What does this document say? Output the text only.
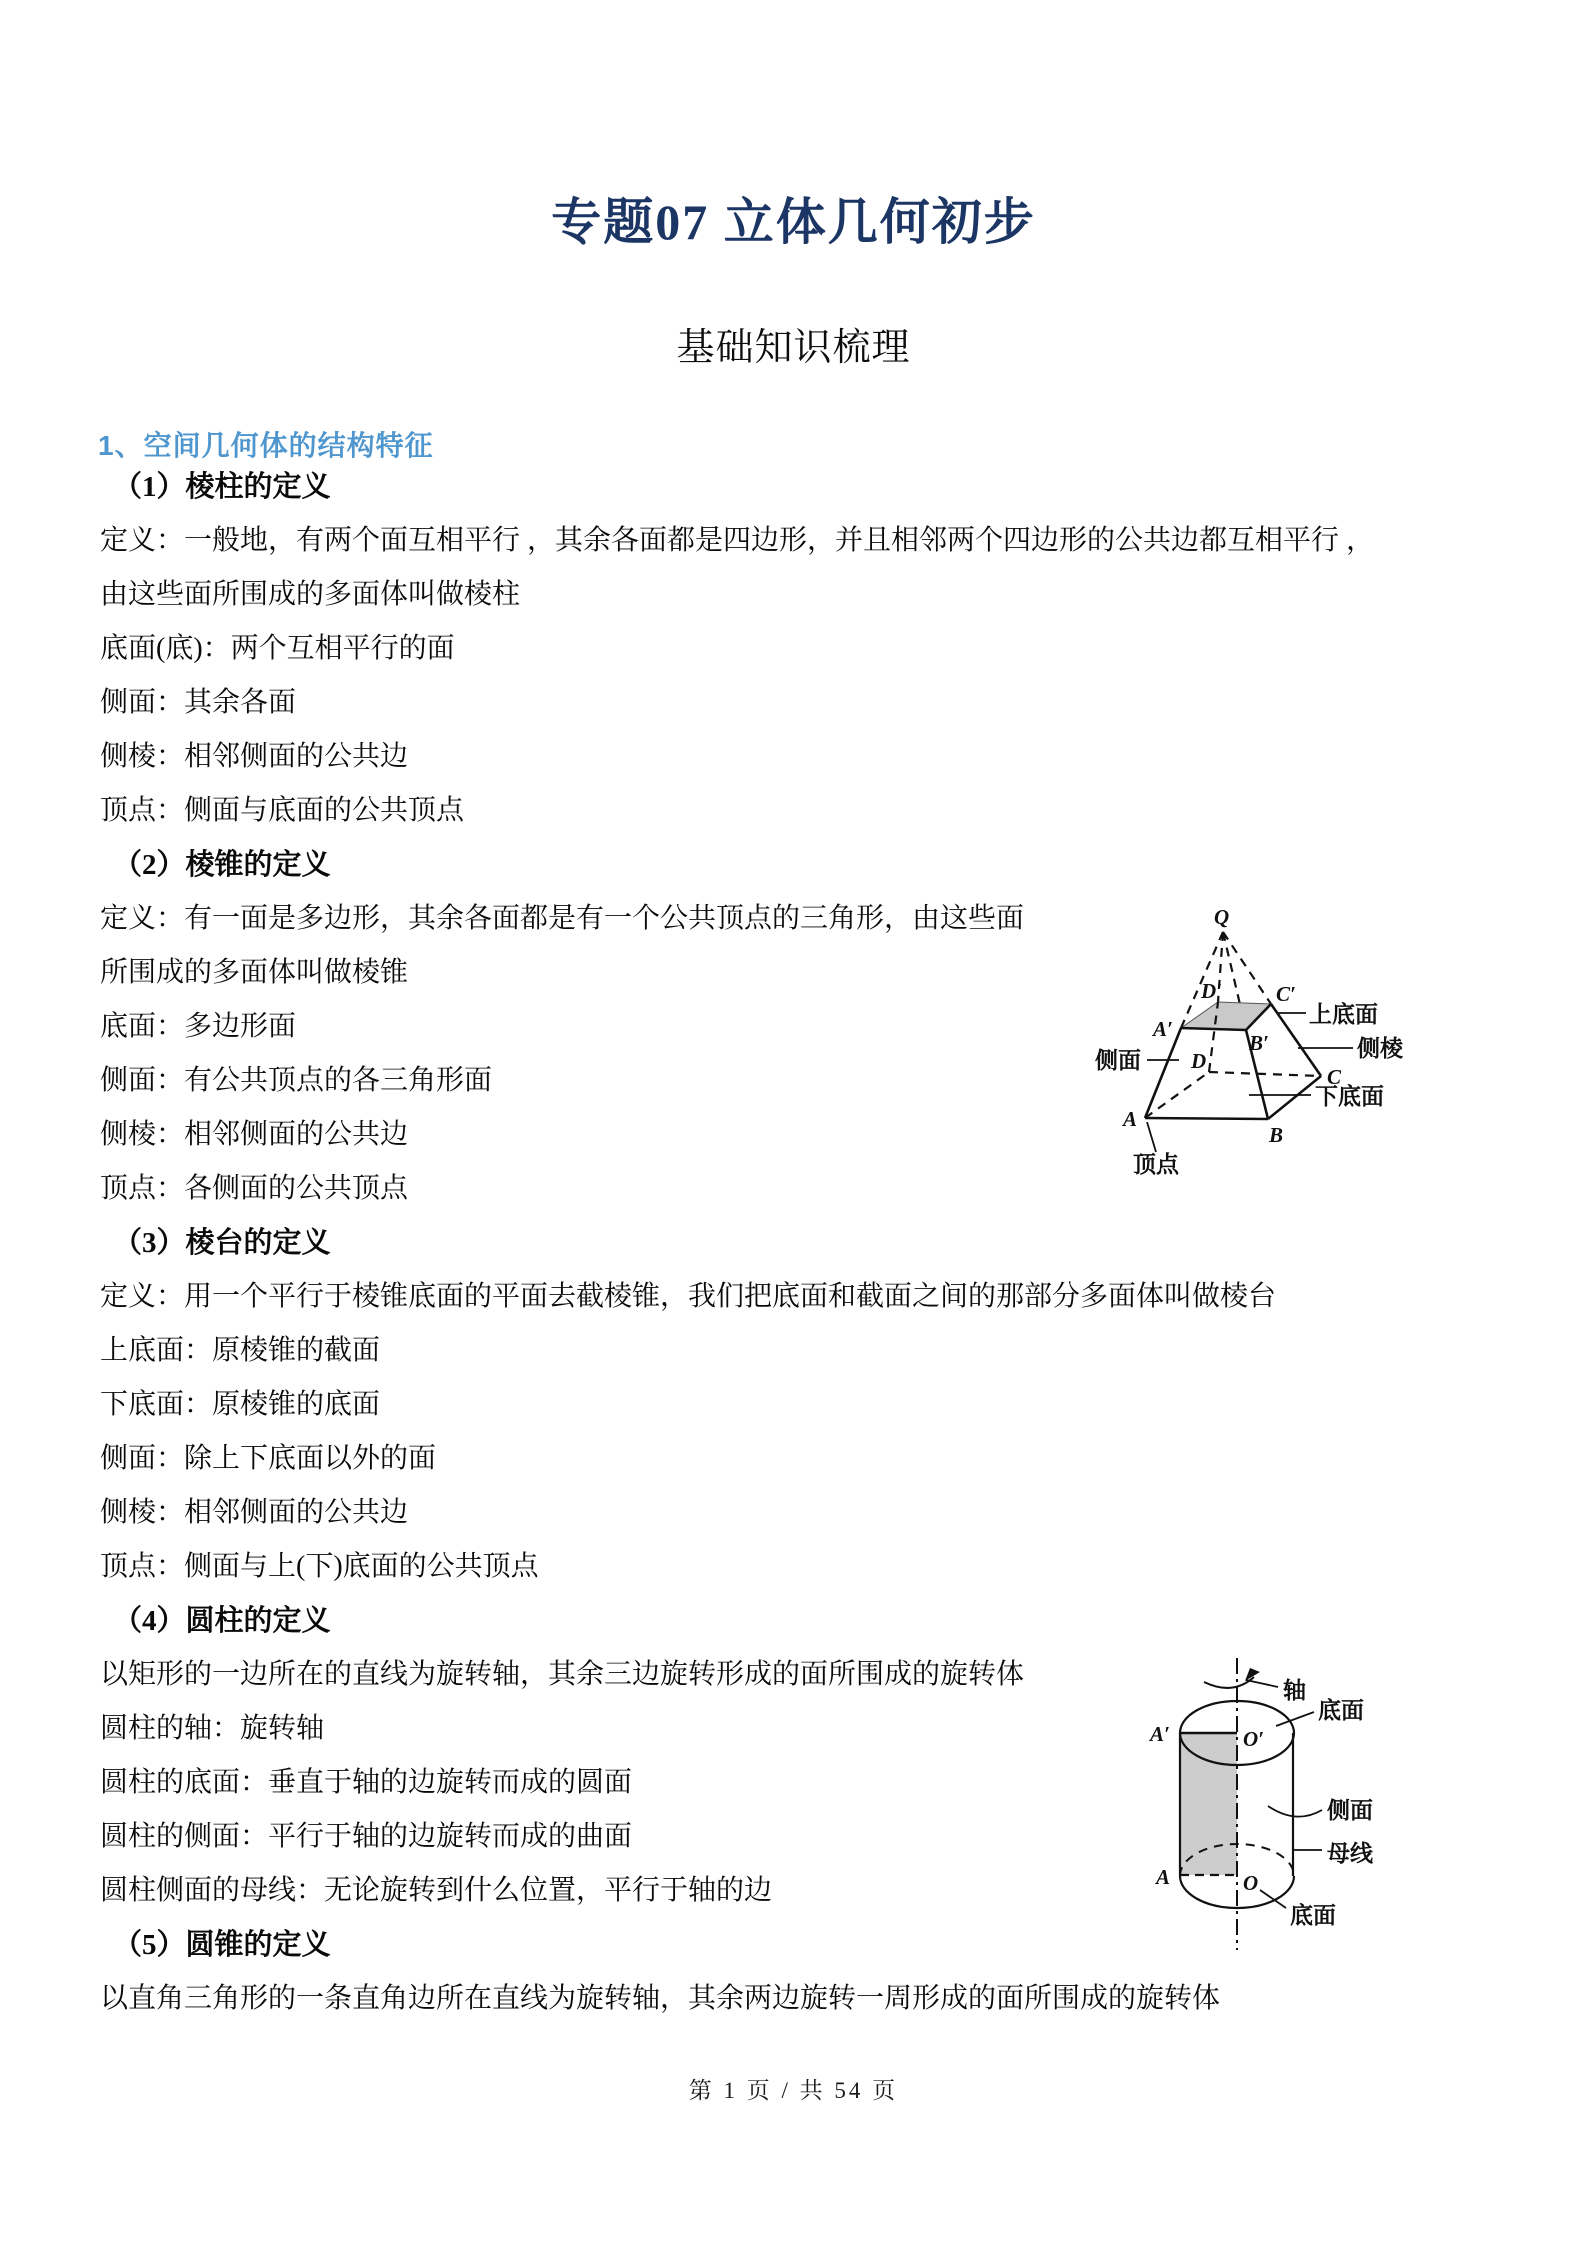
专题07 立体几何初步
基础知识梳理
1、空间几何体的结构特征
（1）棱柱的定义
定义：一般地，有两个面互相平行 ，其余各面都是四边形，并且相邻两个四边形的公共边都互相平行 ，
由这些面所围成的多面体叫做棱柱
底面(底)：两个互相平行的面
侧面：其余各面
侧棱：相邻侧面的公共边
顶点：侧面与底面的公共顶点
（2）棱锥的定义
定义：有一面是多边形，其余各面都是有一个公共顶点的三角形，由这些面
所围成的多面体叫做棱锥
底面：多边形面
侧面：有公共顶点的各三角形面
侧棱：相邻侧面的公共边
顶点：各侧面的公共顶点
（3）棱台的定义
定义：用一个平行于棱锥底面的平面去截棱锥，我们把底面和截面之间的那部分多面体叫做棱台
上底面：原棱锥的截面
下底面：原棱锥的底面
侧面：除上下底面以外的面
侧棱：相邻侧面的公共边
顶点：侧面与上(下)底面的公共顶点
（4）圆柱的定义
以矩形的一边所在的直线为旋转轴，其余三边旋转形成的面所围成的旋转体
圆柱的轴：旋转轴
圆柱的底面：垂直于轴的边旋转而成的圆面
圆柱的侧面：平行于轴的边旋转而成的曲面
圆柱侧面的母线：无论旋转到什么位置，平行于轴的边
（5）圆锥的定义
以直角三角形的一条直角边所在直线为旋转轴，其余两边旋转一周形成的面所围成的旋转体
Q
D′	C′
A′
B′
D
C
A
B
上底面
侧棱
侧面
下底面
顶点
A′	O′
A	O
轴
底面
侧面
母线
底面
第 1 页 / 共 54 页
